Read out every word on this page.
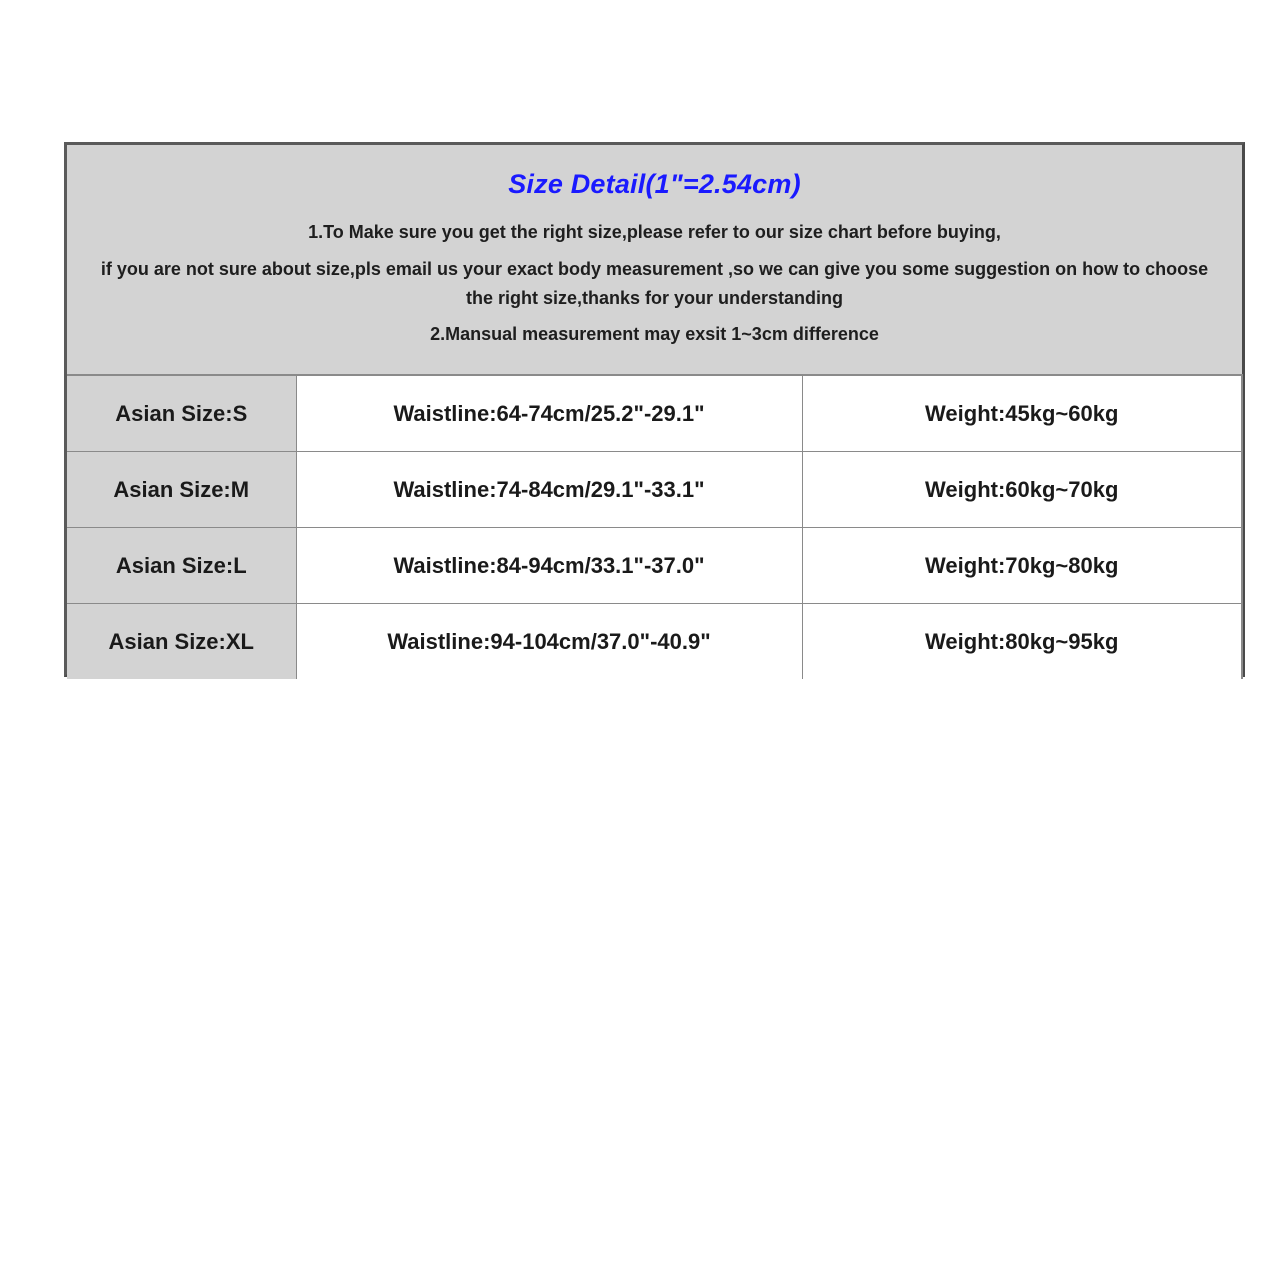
Size Detail(1"=2.54cm)
1.To Make sure you get the right size,please refer to our size chart before buying,
if you are not sure about size,pls email us your exact body measurement ,so we can give you some suggestion on how to choose the right size,thanks for your understanding
2.Mansual measurement may exsit 1~3cm difference
Asian Size:S	Waistline:64-74cm/25.2"-29.1"	Weight:45kg~60kg
Asian Size:M	Waistline:74-84cm/29.1"-33.1"	Weight:60kg~70kg
Asian Size:L	Waistline:84-94cm/33.1"-37.0"	Weight:70kg~80kg
Asian Size:XL	Waistline:94-104cm/37.0"-40.9"	Weight:80kg~95kg
